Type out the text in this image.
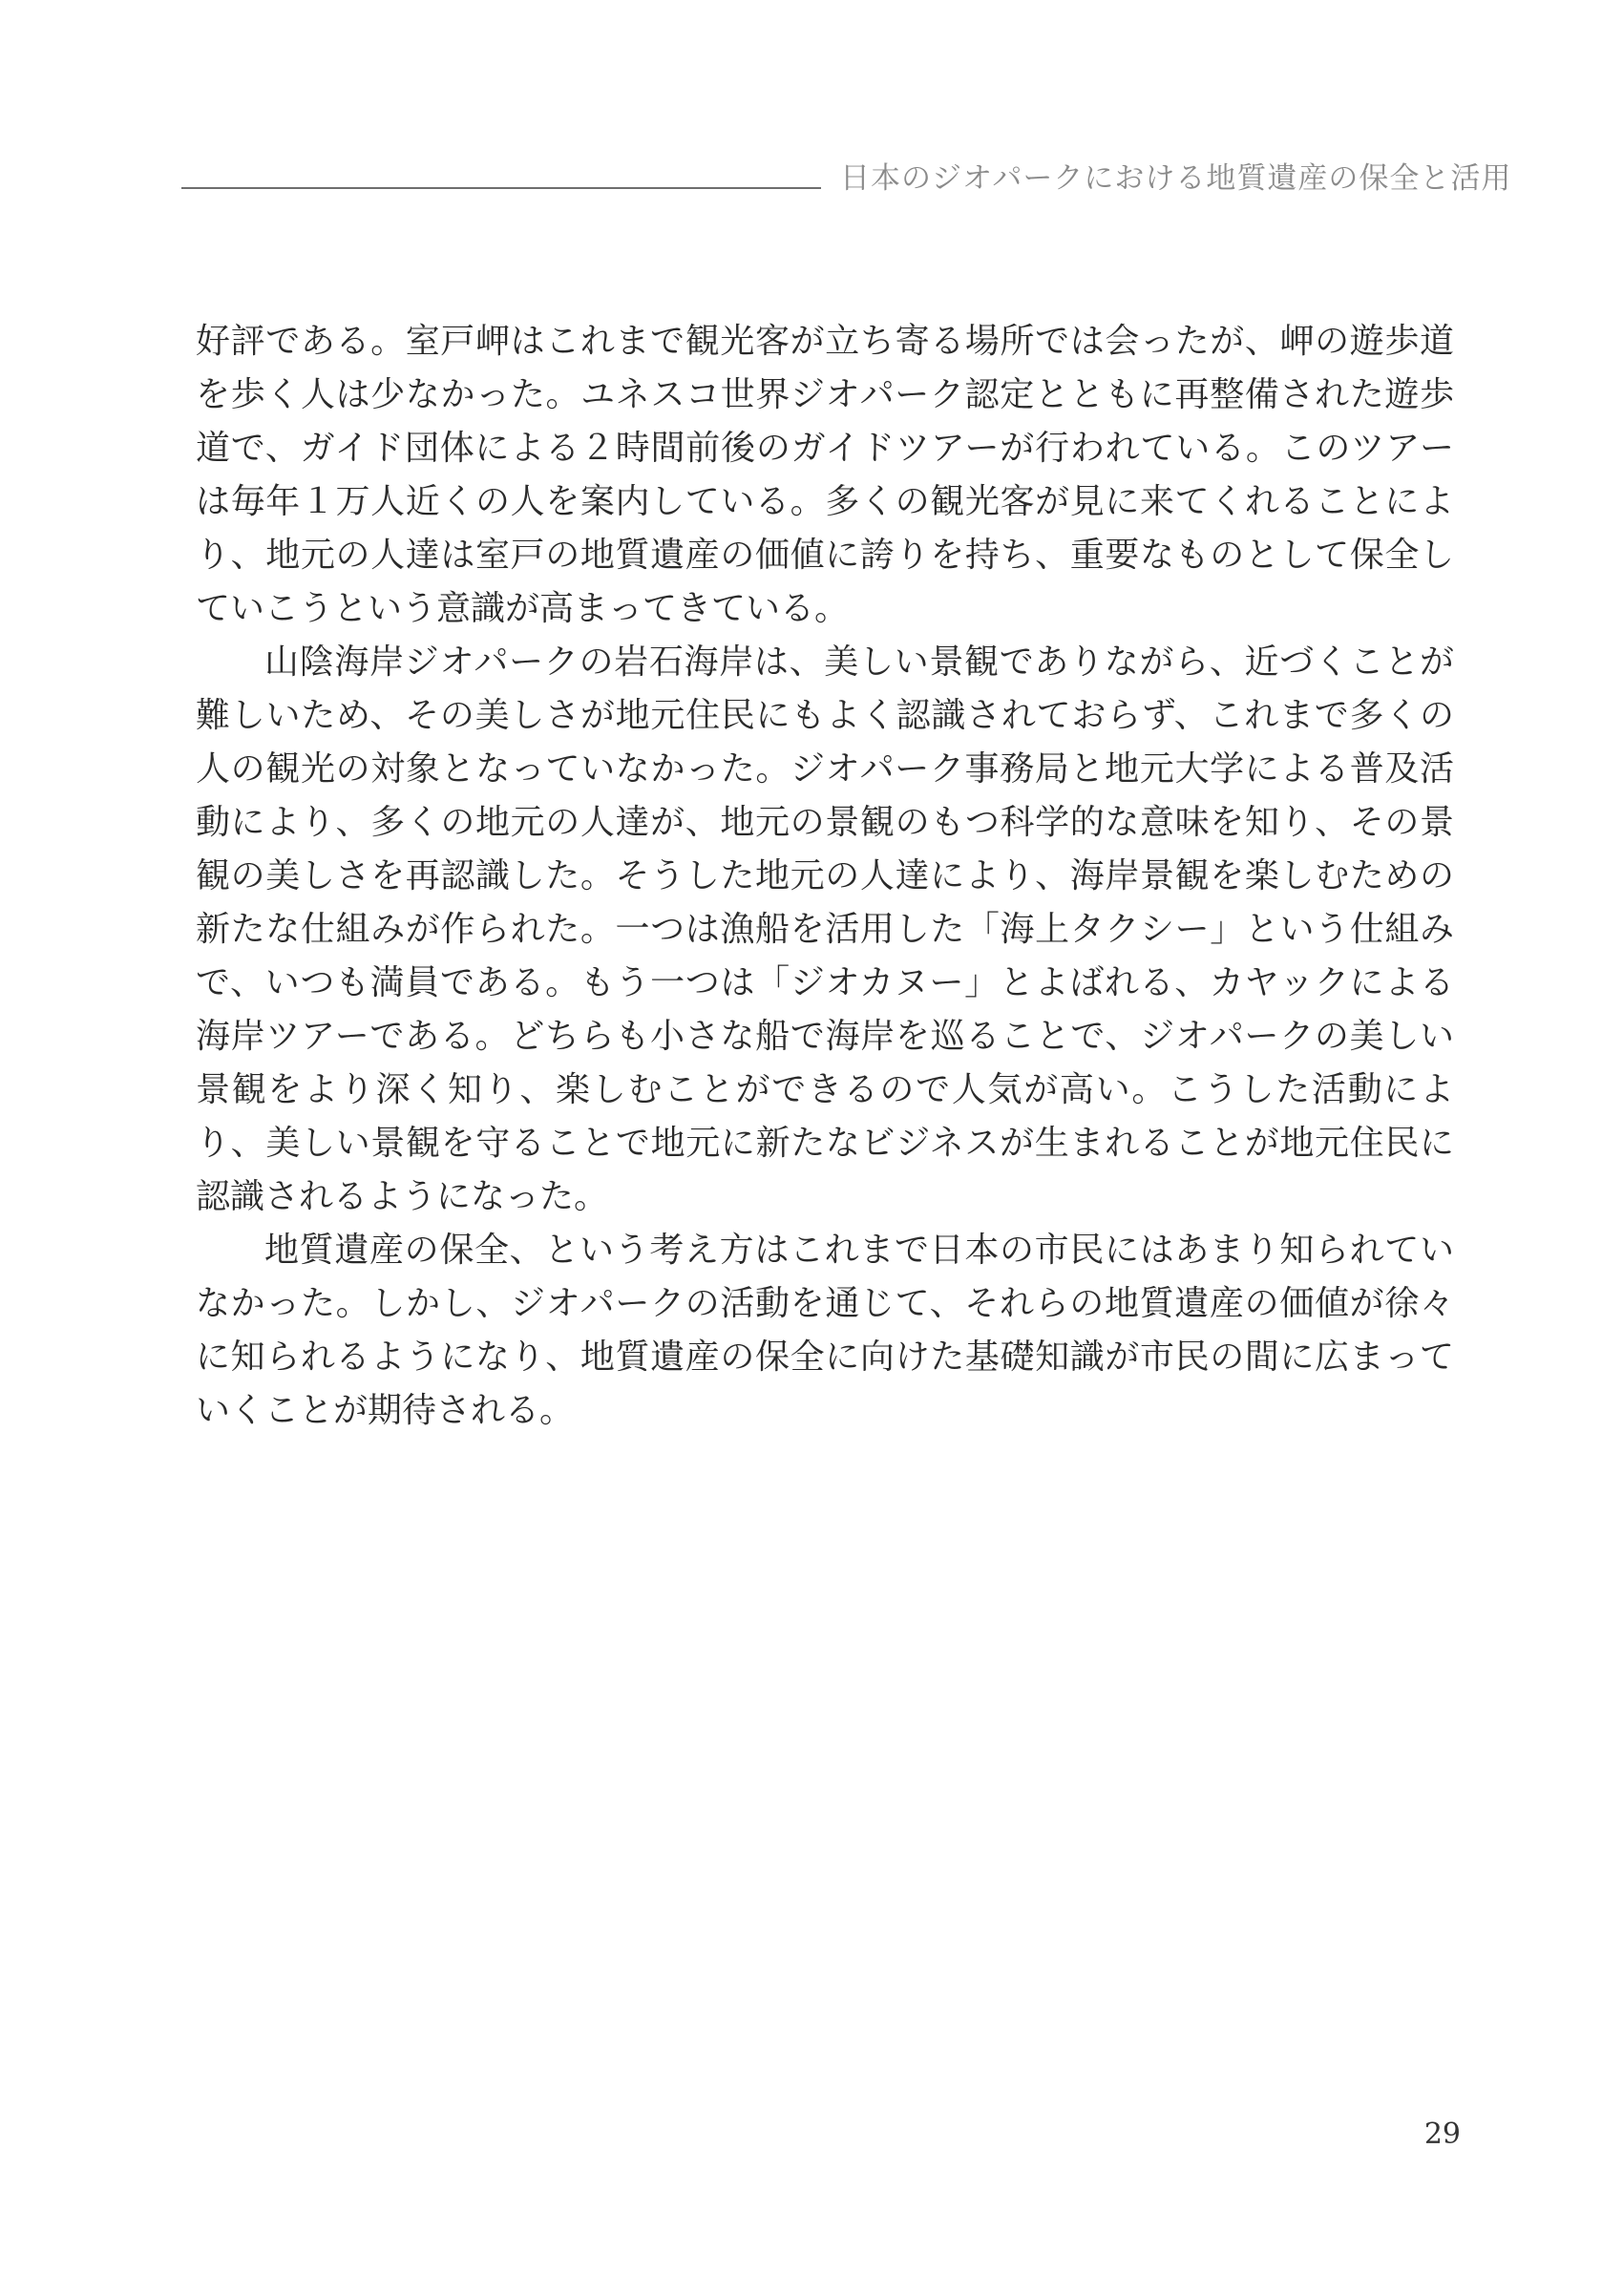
日本のジオパークにおける地質遺産の保全と活用

好評である。室戸岬はこれまで観光客が立ち寄る場所では会ったが、岬の遊歩道を歩く人は少なかった。ユネスコ世界ジオパーク認定とともに再整備された遊歩道で、ガイド団体による２時間前後のガイドツアーが行われている。このツアーは毎年１万人近くの人を案内している。多くの観光客が見に来てくれることにより、地元の人達は室戸の地質遺産の価値に誇りを持ち、重要なものとして保全していこうという意識が高まってきている。

山陰海岸ジオパークの岩石海岸は、美しい景観でありながら、近づくことが難しいため、その美しさが地元住民にもよく認識されておらず、これまで多くの人の観光の対象となっていなかった。ジオパーク事務局と地元大学による普及活動により、多くの地元の人達が、地元の景観のもつ科学的な意味を知り、その景観の美しさを再認識した。そうした地元の人達により、海岸景観を楽しむための新たな仕組みが作られた。一つは漁船を活用した「海上タクシー」という仕組みで、いつも満員である。もう一つは「ジオカヌー」とよばれる、カヤックによる海岸ツアーである。どちらも小さな船で海岸を巡ることで、ジオパークの美しい景観をより深く知り、楽しむことができるので人気が高い。こうした活動により、美しい景観を守ることで地元に新たなビジネスが生まれることが地元住民に認識されるようになった。

地質遺産の保全、という考え方はこれまで日本の市民にはあまり知られていなかった。しかし、ジオパークの活動を通じて、それらの地質遺産の価値が徐々に知られるようになり、地質遺産の保全に向けた基礎知識が市民の間に広まっていくことが期待される。

29
